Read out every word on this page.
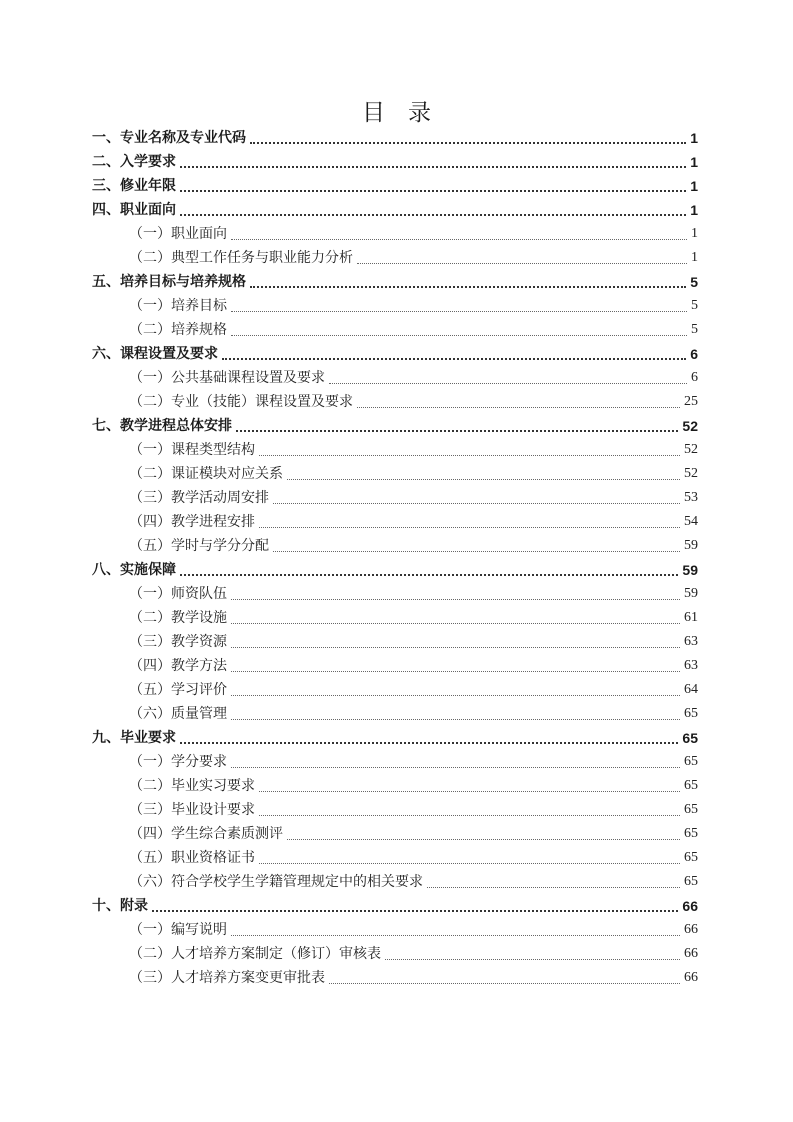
目　录
一、专业名称及专业代码	1
二、入学要求	1
三、修业年限	1
四、职业面向	1
（一）职业面向	1
（二）典型工作任务与职业能力分析	1
五、培养目标与培养规格	5
（一）培养目标	5
（二）培养规格	5
六、课程设置及要求	6
（一）公共基础课程设置及要求	6
（二）专业（技能）课程设置及要求	25
七、教学进程总体安排	52
（一）课程类型结构	52
（二）课证模块对应关系	52
（三）教学活动周安排	53
（四）教学进程安排	54
（五）学时与学分分配	59
八、实施保障	59
（一）师资队伍	59
（二）教学设施	61
（三）教学资源	63
（四）教学方法	63
（五）学习评价	64
（六）质量管理	65
九、毕业要求	65
（一）学分要求	65
（二）毕业实习要求	65
（三）毕业设计要求	65
（四）学生综合素质测评	65
（五）职业资格证书	65
（六）符合学校学生学籍管理规定中的相关要求	65
十、附录	66
（一）编写说明	66
（二）人才培养方案制定（修订）审核表	66
（三）人才培养方案变更审批表	66
